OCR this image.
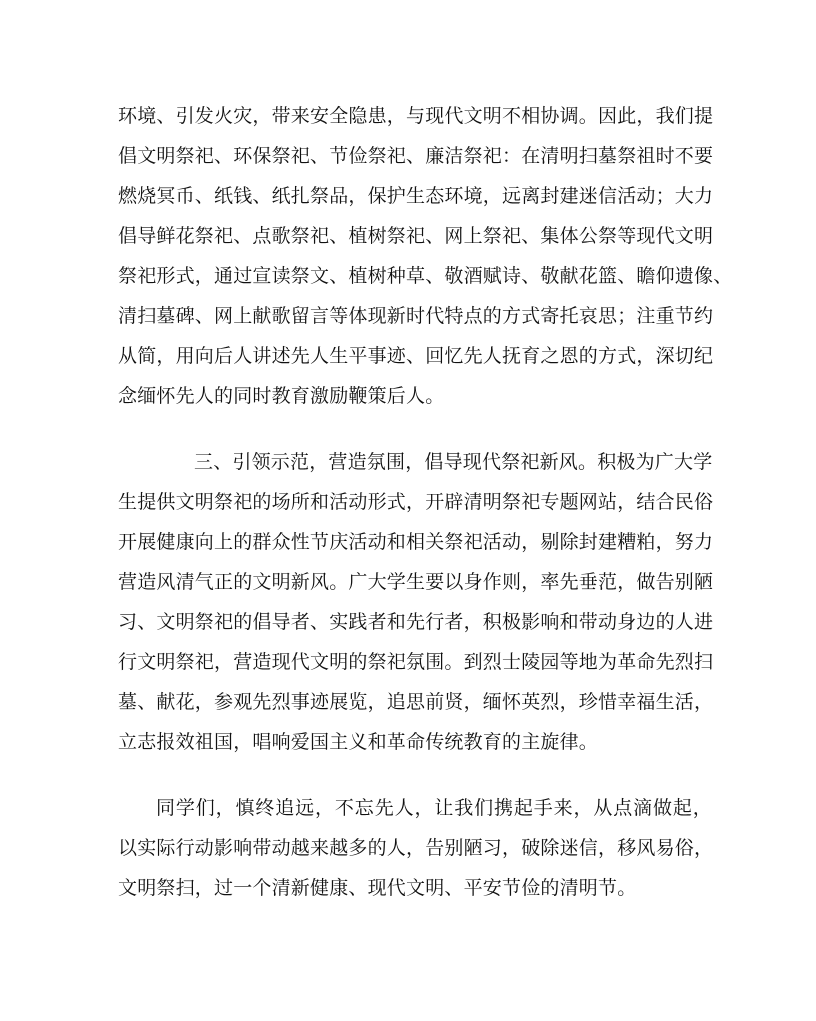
环境、引发火灾，带来安全隐患，与现代文明不相协调。因此，我们提
倡文明祭祀、环保祭祀、节俭祭祀、廉洁祭祀：在清明扫墓祭祖时不要
燃烧冥币、纸钱、纸扎祭品，保护生态环境，远离封建迷信活动；大力
倡导鲜花祭祀、点歌祭祀、植树祭祀、网上祭祀、集体公祭等现代文明
祭祀形式，通过宣读祭文、植树种草、敬酒赋诗、敬献花篮、瞻仰遗像、
清扫墓碑、网上献歌留言等体现新时代特点的方式寄托哀思；注重节约
从简，用向后人讲述先人生平事迹、回忆先人抚育之恩的方式，深切纪
念缅怀先人的同时教育激励鞭策后人。
三、引领示范，营造氛围，倡导现代祭祀新风。积极为广大学
生提供文明祭祀的场所和活动形式，开辟清明祭祀专题网站，结合民俗
开展健康向上的群众性节庆活动和相关祭祀活动，剔除封建糟粕，努力
营造风清气正的文明新风。广大学生要以身作则，率先垂范，做告别陋
习、文明祭祀的倡导者、实践者和先行者，积极影响和带动身边的人进
行文明祭祀，营造现代文明的祭祀氛围。到烈士陵园等地为革命先烈扫
墓、献花，参观先烈事迹展览，追思前贤，缅怀英烈，珍惜幸福生活，
立志报效祖国，唱响爱国主义和革命传统教育的主旋律。
同学们，慎终追远，不忘先人，让我们携起手来，从点滴做起，
以实际行动影响带动越来越多的人，告别陋习，破除迷信，移风易俗，
文明祭扫，过一个清新健康、现代文明、平安节俭的清明节。
